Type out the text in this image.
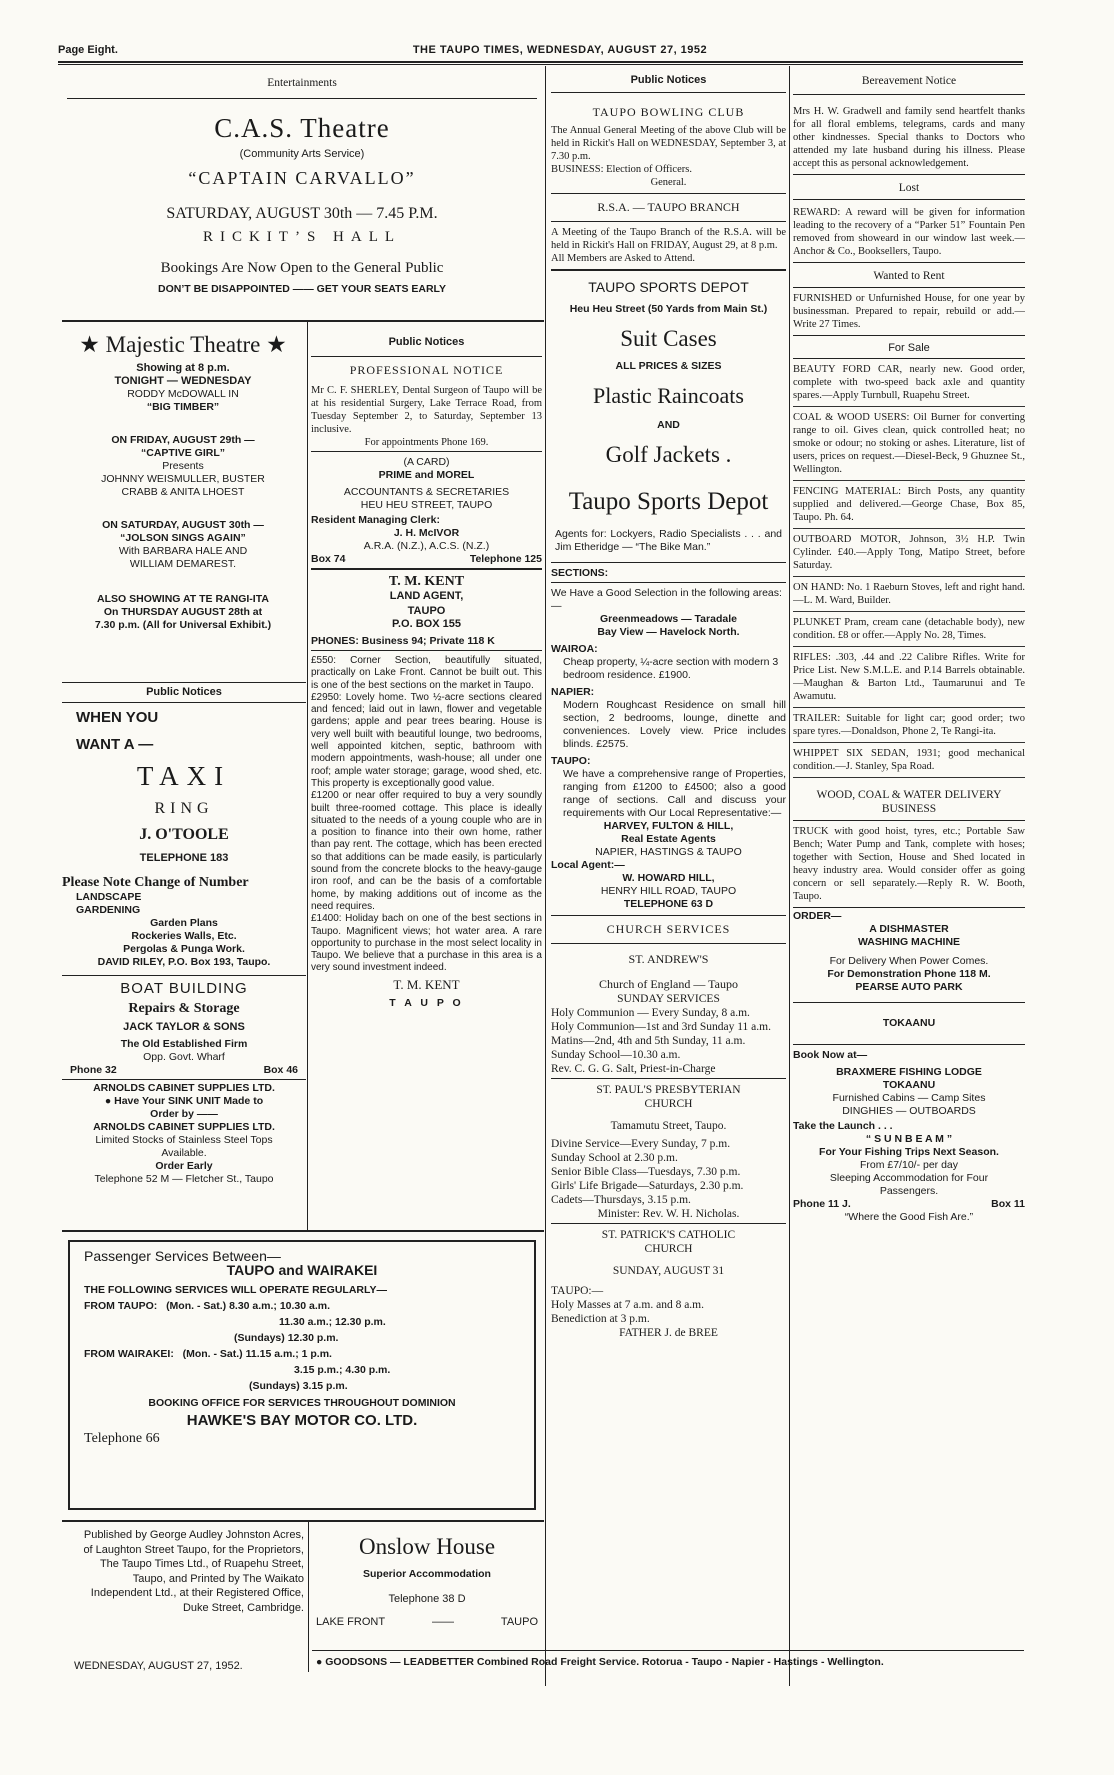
Page Eight.	THE TAUPO TIMES, WEDNESDAY, AUGUST 27, 1952
Entertainments
C.A.S. Theatre
(Community Arts Service)
“CAPTAIN CARVALLO”
SATURDAY, AUGUST 30th — 7.45 P.M.
RICKIT’S HALL
Bookings Are Now Open to the General Public
DON’T BE DISAPPOINTED —— GET YOUR SEATS EARLY
★ Majestic Theatre ★
Showing at 8 p.m.
TONIGHT — WEDNESDAY
RODDY McDOWALL IN
“BIG TIMBER”
ON FRIDAY, AUGUST 29th —
“CAPTIVE GIRL”
Presents
JOHNNY WEISMULLER, BUSTER
CRABB & ANITA LHOEST
ON SATURDAY, AUGUST 30th —
“JOLSON SINGS AGAIN”
With BARBARA HALE AND
WILLIAM DEMAREST.
ALSO SHOWING AT TE RANGI-ITA
On THURSDAY AUGUST 28th at
7.30 p.m. (All for Universal Exhibit.)
Public Notices
WHEN YOU
WANT A —
TAXI
RING
J. O'TOOLE
TELEPHONE 183
Please Note Change of Number
LANDSCAPE
GARDENING
Garden Plans
Rockeries Walls, Etc.
Pergolas & Punga Work.
DAVID RILEY, P.O. Box 193, Taupo.
BOAT BUILDING
Repairs & Storage
JACK TAYLOR & SONS
The Old Established Firm
Opp. Govt. Wharf
Phone 32	Box 46
ARNOLDS CABINET SUPPLIES LTD.
● Have Your SINK UNIT Made to
Order by ——
ARNOLDS CABINET SUPPLIES LTD.
Limited Stocks of Stainless Steel Tops
Available.
Order Early
Telephone 52 M — Fletcher St., Taupo
Public Notices
PROFESSIONAL NOTICE
Mr C. F. SHERLEY, Dental Surgeon of Taupo will be at his residential Surgery, Lake Terrace Road, from Tuesday September 2, to Saturday, September 13 inclusive.
For appointments Phone 169.
(A CARD)
PRIME and MOREL
ACCOUNTANTS & SECRETARIES
HEU HEU STREET, TAUPO
Resident Managing Clerk:
J. H. McIVOR
A.R.A. (N.Z.), A.C.S. (N.Z.)
Box 74	Telephone 125
T. M. KENT
LAND AGENT,
TAUPO
P.O. BOX 155
PHONES: Business 94; Private 118 K
£550: Corner Section, beautifully situated, practically on Lake Front. Cannot be built out. This is one of the best sections on the market in Taupo.
£2950: Lovely home. Two ½-acre sections cleared and fenced; laid out in lawn, flower and vegetable gardens; apple and pear trees bearing. House is very well built with beautiful lounge, two bedrooms, well appointed kitchen, septic, bathroom with modern appointments, wash-house; all under one roof; ample water storage; garage, wood shed, etc. This property is exceptionally good value.
£1200 or near offer required to buy a very soundly built three-roomed cottage. This place is ideally situated to the needs of a young couple who are in a position to finance into their own home, rather than pay rent. The cottage, which has been erected so that additions can be made easily, is particularly sound from the concrete blocks to the heavy-gauge iron roof, and can be the basis of a comfortable home, by making additions out of income as the need requires.
£1400: Holiday bach on one of the best sections in Taupo. Magnificent views; hot water area. A rare opportunity to purchase in the most select locality in Taupo. We believe that a purchase in this area is a very sound investment indeed.
T. M. KENT
T A U P O
Passenger Services Between—
TAUPO and WAIRAKEI
THE FOLLOWING SERVICES WILL OPERATE REGULARLY—
FROM TAUPO: (Mon. - Sat.) 8.30 a.m.; 10.30 a.m.
11.30 a.m.; 12.30 p.m.
(Sundays) 12.30 p.m.
FROM WAIRAKEI: (Mon. - Sat.) 11.15 a.m.; 1 p.m.
3.15 p.m.; 4.30 p.m.
(Sundays) 3.15 p.m.
BOOKING OFFICE FOR SERVICES THROUGHOUT DOMINION
HAWKE'S BAY MOTOR CO. LTD.
Telephone 66
Published by George Audley Johnston Acres, of Laughton Street Taupo, for the Proprietors, The Taupo Times Ltd., of Ruapehu Street, Taupo, and Printed by The Waikato Independent Ltd., at their Registered Office, Duke Street, Cambridge.
WEDNESDAY, AUGUST 27, 1952.
Onslow House
Superior Accommodation
Telephone 38 D
LAKE FRONT	——	TAUPO
Public Notices
TAUPO BOWLING CLUB
The Annual General Meeting of the above Club will be held in Rickit's Hall on WEDNESDAY, September 3, at 7.30 p.m.
BUSINESS: Election of Officers.
General.
R.S.A. — TAUPO BRANCH
A Meeting of the Taupo Branch of the R.S.A. will be held in Rickit's Hall on FRIDAY, August 29, at 8 p.m.
All Members are Asked to Attend.
TAUPO SPORTS DEPOT
Heu Heu Street (50 Yards from Main St.)
Suit Cases
ALL PRICES & SIZES
Plastic Raincoats
AND
Golf Jackets .
Taupo Sports Depot
Agents for: Lockyers, Radio Specialists . . . and Jim Etheridge — “The Bike Man.”
SECTIONS:
We Have a Good Selection in the following areas: —
Greenmeadows — Taradale
Bay View — Havelock North.
WAIROA:
Cheap property, ¼-acre section with modern 3 bedroom residence. £1900.
NAPIER:
Modern Roughcast Residence on small hill section, 2 bedrooms, lounge, dinette and conveniences. Lovely view. Price includes blinds. £2575.
TAUPO:
We have a comprehensive range of Properties, ranging from £1200 to £4500; also a good range of sections. Call and discuss your requirements with Our Local Representative:—
HARVEY, FULTON & HILL,
Real Estate Agents
NAPIER, HASTINGS & TAUPO
Local Agent:—
W. HOWARD HILL,
HENRY HILL ROAD, TAUPO
TELEPHONE 63 D
CHURCH SERVICES
ST. ANDREW'S
Church of England — Taupo
SUNDAY SERVICES
Holy Communion — Every Sunday, 8 a.m.
Holy Communion—1st and 3rd Sunday 11 a.m.
Matins—2nd, 4th and 5th Sunday, 11 a.m.
Sunday School—10.30 a.m.
Rev. C. G. G. Salt, Priest-in-Charge
ST. PAUL'S PRESBYTERIAN CHURCH
Tamamutu Street, Taupo.
Divine Service—Every Sunday, 7 p.m.
Sunday School at 2.30 p.m.
Senior Bible Class—Tuesdays, 7.30 p.m.
Girls' Life Brigade—Saturdays, 2.30 p.m.
Cadets—Thursdays, 3.15 p.m.
Minister: Rev. W. H. Nicholas.
ST. PATRICK'S CATHOLIC CHURCH
SUNDAY, AUGUST 31
TAUPO:—
Holy Masses at 7 a.m. and 8 a.m.
Benediction at 3 p.m.
FATHER J. de BREE
Bereavement Notice
Mrs H. W. Gradwell and family send heartfelt thanks for all floral emblems, telegrams, cards and many other kindnesses. Special thanks to Doctors who attended my late husband during his illness. Please accept this as personal acknowledgement.
Lost
REWARD: A reward will be given for information leading to the recovery of a “Parker 51” Fountain Pen removed from showeard in our window last week.—Anchor & Co., Booksellers, Taupo.
Wanted to Rent
FURNISHED or Unfurnished House, for one year by businessman. Prepared to repair, rebuild or add.—Write 27 Times.
For Sale
BEAUTY FORD CAR, nearly new. Good order, complete with two-speed back axle and quantity spares.—Apply Turnbull, Ruapehu Street.
COAL & WOOD USERS: Oil Burner for converting range to oil. Gives clean, quick controlled heat; no smoke or odour; no stoking or ashes. Literature, list of users, prices on request.—Diesel-Beck, 9 Ghuznee St., Wellington.
FENCING MATERIAL: Birch Posts, any quantity supplied and delivered.—George Chase, Box 85, Taupo. Ph. 64.
OUTBOARD MOTOR, Johnson, 3½ H.P. Twin Cylinder. £40.—Apply Tong, Matipo Street, before Saturday.
ON HAND: No. 1 Raeburn Stoves, left and right hand.—L. M. Ward, Builder.
PLUNKET Pram, cream cane (detachable body), new condition. £8 or offer.—Apply No. 28, Times.
RIFLES: .303, .44 and .22 Calibre Rifles. Write for Price List. New S.M.L.E. and P.14 Barrels obtainable.—Maughan & Barton Ltd., Taumarunui and Te Awamutu.
TRAILER: Suitable for light car; good order; two spare tyres.—Donaldson, Phone 2, Te Rangi-ita.
WHIPPET SIX SEDAN, 1931; good mechanical condition.—J. Stanley, Spa Road.
WOOD, COAL & WATER DELIVERY BUSINESS
TRUCK with good hoist, tyres, etc.; Portable Saw Bench; Water Pump and Tank, complete with hoses; together with Section, House and Shed located in heavy industry area. Would consider offer as going concern or sell separately.—Reply R. W. Booth, Taupo.
ORDER—
A DISHMASTER
WASHING MACHINE
For Delivery When Power Comes.
For Demonstration Phone 118 M.
PEARSE AUTO PARK
TOKAANU
Book Now at—
BRAXMERE FISHING LODGE
TOKAANU
Furnished Cabins — Camp Sites
DINGHIES — OUTBOARDS
Take the Launch . . .
“ S U N B E A M ”
For Your Fishing Trips Next Season.
From £7/10/- per day
Sleeping Accommodation for Four Passengers.
Phone 11 J.	Box 11
“Where the Good Fish Are.”
● GOODSONS — LEADBETTER Combined Road Freight Service. Rotorua - Taupo - Napier - Hastings - Wellington.
